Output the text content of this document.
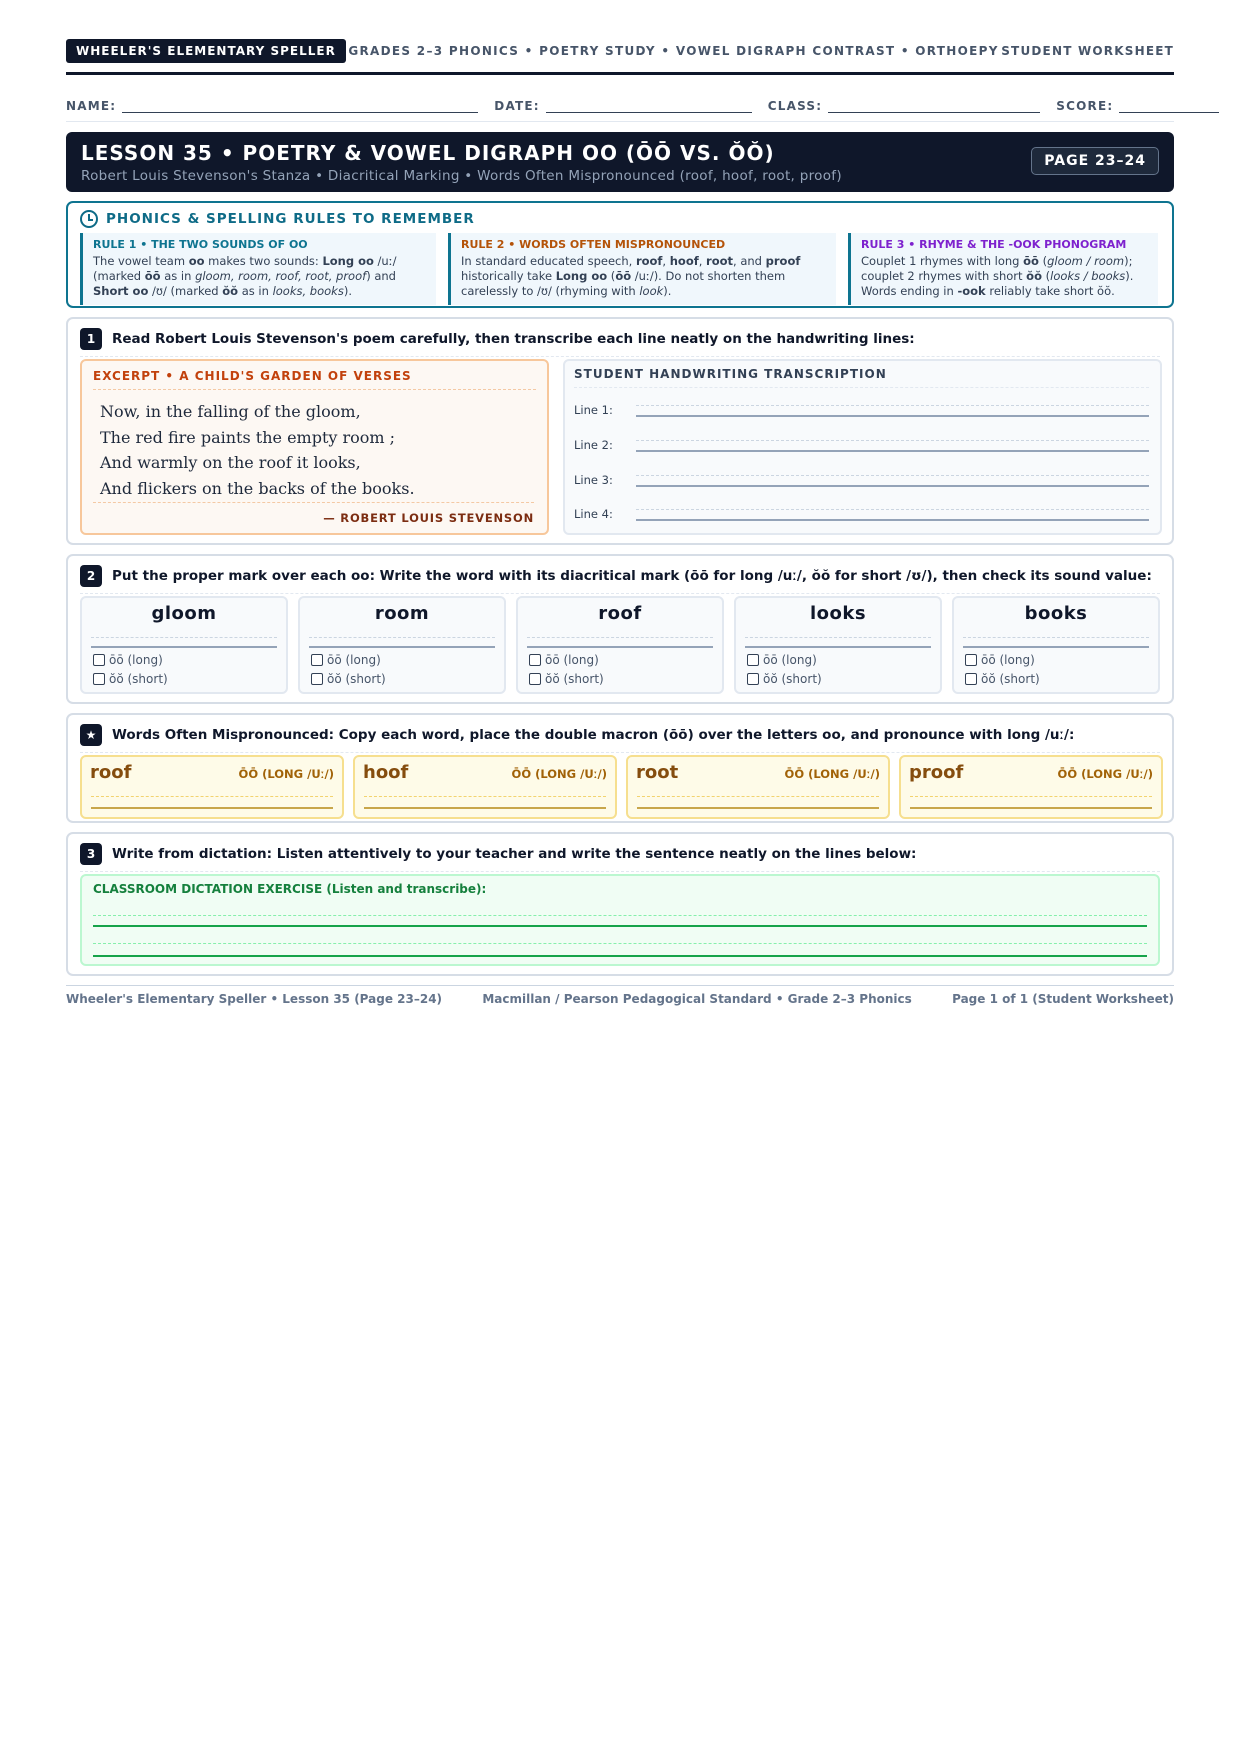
WHEELER'S ELEMENTARY SPELLER	GRADES 2–3 PHONICS • POETRY STUDY • VOWEL DIGRAPH CONTRAST • ORTHOEPY STUDENT WORKSHEET
NAME:	DATE:	CLASS:	SCORE:
LESSON 35 • POETRY & VOWEL DIGRAPH OO (ŌŌ VS. ŎŎ)
Robert Louis Stevenson's Stanza • Diacritical Marking • Words Often Mispronounced (roof, hoof, root, proof)
PAGE 23–24
PHONICS & SPELLING RULES TO REMEMBER
RULE 1 • THE TWO SOUNDS OF OO
The vowel team oo makes two sounds: Long oo /uː/ (marked ōō as in gloom, room, roof, root, proof) and Short oo /ʊ/ (marked ŏŏ as in looks, books).
RULE 2 • WORDS OFTEN MISPRONOUNCED
In standard educated speech, roof, hoof, root, and proof historically take Long oo (ōō /uː/). Do not shorten them carelessly to /ʊ/ (rhyming with look).
RULE 3 • RHYME & THE -OOK PHONOGRAM
Couplet 1 rhymes with long ōō (gloom / room); couplet 2 rhymes with short ŏŏ (looks / books). Words ending in -ook reliably take short ŏŏ.
1	Read Robert Louis Stevenson's poem carefully, then transcribe each line neatly on the handwriting lines:
EXCERPT • A CHILD'S GARDEN OF VERSES
Now, in the falling of the gloom,
The red fire paints the empty room ;
And warmly on the roof it looks,
And flickers on the backs of the books.
— ROBERT LOUIS STEVENSON
STUDENT HANDWRITING TRANSCRIPTION
Line 1:
Line 2:
Line 3:
Line 4:
2	Put the proper mark over each oo: Write the word with its diacritical mark (ōō for long /uː/, ŏŏ for short /ʊ/), then check its sound value:
gloom
ōō (long)
ŏŏ (short)
room
ōō (long)
ŏŏ (short)
roof
ōō (long)
ŏŏ (short)
looks
ōō (long)
ŏŏ (short)
books
ōō (long)
ŏŏ (short)
★	Words Often Mispronounced: Copy each word, place the double macron (ōō) over the letters oo, and pronounce with long /uː/:
roof	ŌŌ (LONG /Uː/) hoof	ŌŌ (LONG /Uː/) root	ŌŌ (LONG /Uː/) proof	ŌŌ (LONG /Uː/)
3	Write from dictation: Listen attentively to your teacher and write the sentence neatly on the lines below:
CLASSROOM DICTATION EXERCISE (Listen and transcribe):
Wheeler's Elementary Speller • Lesson 35 (Page 23–24)	Macmillan / Pearson Pedagogical Standard • Grade 2–3 Phonics	Page 1 of 1 (Student Worksheet)
